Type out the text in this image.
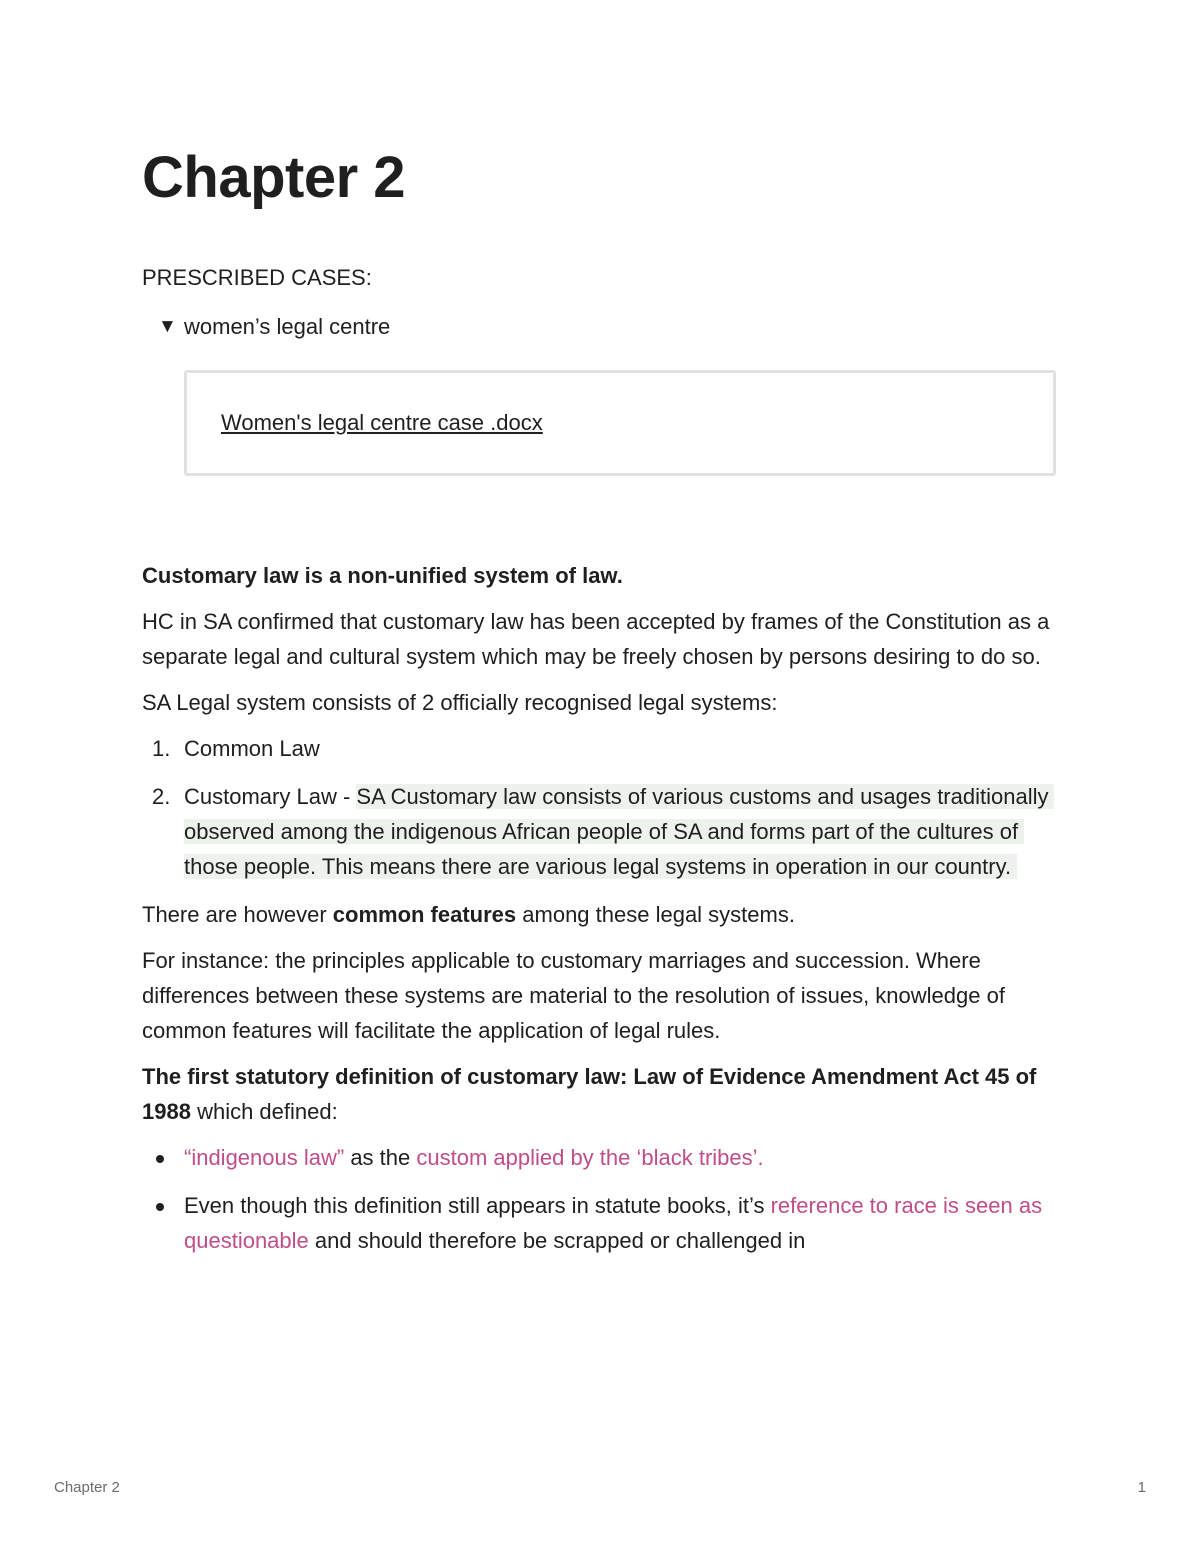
Chapter 2

PRESCRIBED CASES:

▼ women’s legal centre
Women's legal centre case .docx

Customary law is a non-unified system of law.

HC in SA confirmed that customary law has been accepted by frames of the Constitution as a separate legal and cultural system which may be freely chosen by persons desiring to do so.

SA Legal system consists of 2 officially recognised legal systems:

1. Common Law
2. Customary Law - SA Customary law consists of various customs and usages traditionally observed among the indigenous African people of SA and forms part of the cultures of those people. This means there are various legal systems in operation in our country.

There are however common features among these legal systems.

For instance: the principles applicable to customary marriages and succession. Where differences between these systems are material to the resolution of issues, knowledge of common features will facilitate the application of legal rules.

The first statutory definition of customary law: Law of Evidence Amendment Act 45 of 1988 which defined:

“indigenous law” as the custom applied by the ‘black tribes’.
Even though this definition still appears in statute books, it’s reference to race is seen as questionable and should therefore be scrapped or challenged in
Chapter 2	1
